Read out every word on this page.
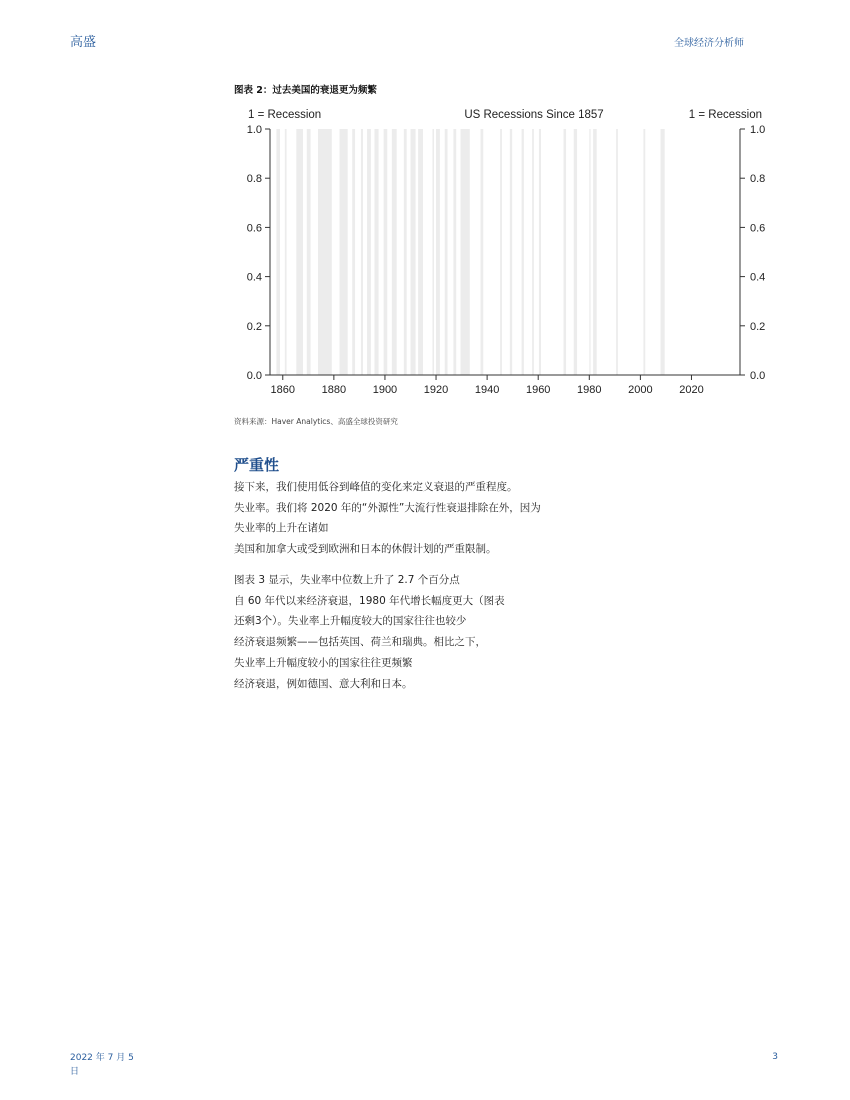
高盛	全球经济分析师
图表 2：过去美国的衰退更为频繁
0.0	0.0
0.2	0.2
0.4	0.4
0.6	0.6
0.8	0.8
1.0	1.0
1860 1880 1900 1920 1940 1960 1980 2000 2020
US Recessions Since 1857
1 = Recession	1 = Recession
资料来源：Haver Analytics、高盛全球投资研究
严重性
接下来，我们使用低谷到峰值的变化来定义衰退的严重程度。
失业率。我们将 2020 年的“外源性”大流行性衰退排除在外，因为
失业率的上升在诸如
美国和加拿大或受到欧洲和日本的休假计划的严重限制。
图表 3 显示，失业率中位数上升了 2.7 个百分点
自 60 年代以来经济衰退，1980 年代增长幅度更大（图表
还剩3个）。失业率上升幅度较大的国家往往也较少
经济衰退频繁——包括英国、荷兰和瑞典。相比之下，
失业率上升幅度较小的国家往往更频繁
经济衰退，例如德国、意大利和日本。
2022 年 7 月 5
日
3
